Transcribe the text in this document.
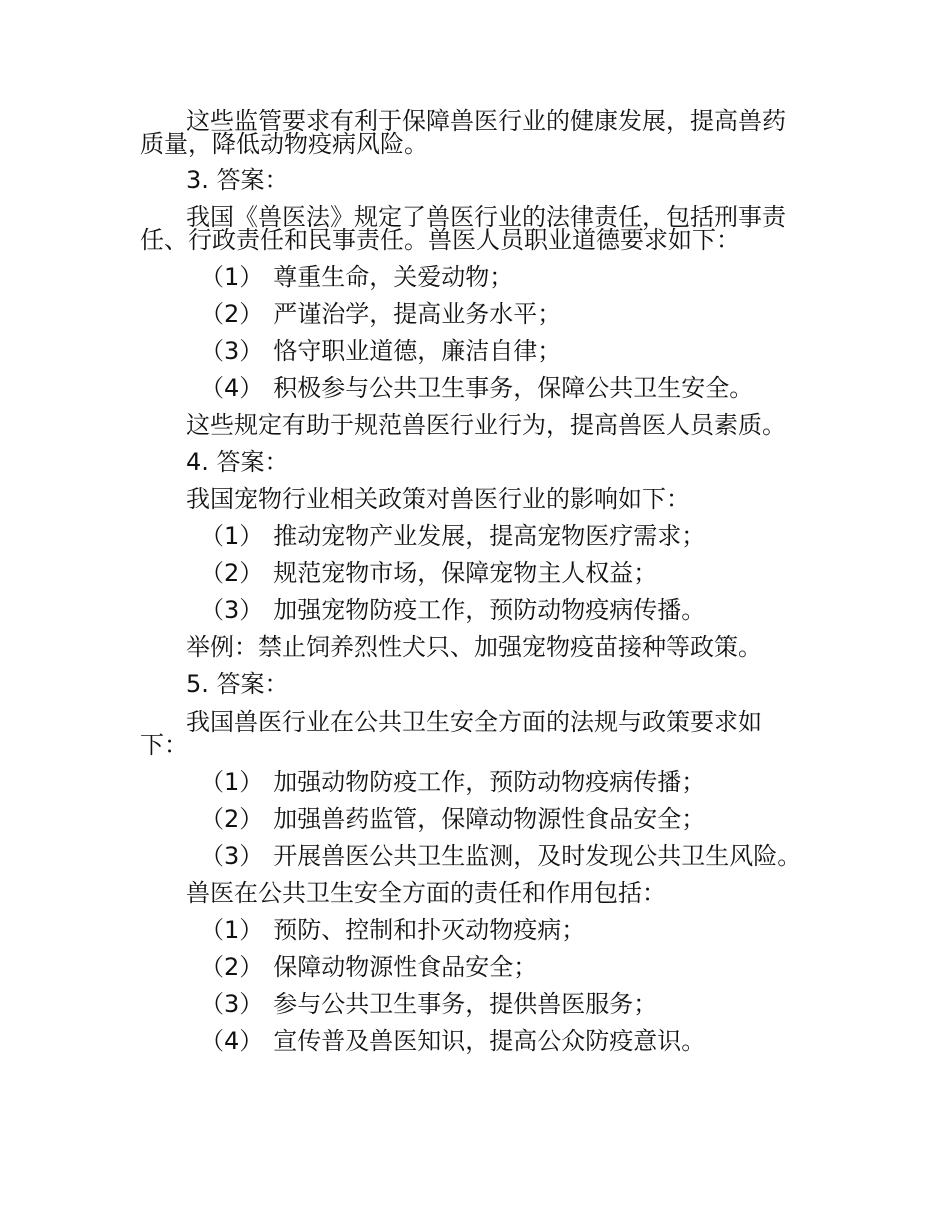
这些监管要求有利于保障兽医行业的健康发展，提高兽药
质量，降低动物疫病风险。
3. 答案：
我国《兽医法》规定了兽医行业的法律责任，包括刑事责
任、行政责任和民事责任。兽医人员职业道德要求如下：
（1） 尊重生命，关爱动物；
（2） 严谨治学，提高业务水平；
（3） 恪守职业道德，廉洁自律；
（4） 积极参与公共卫生事务，保障公共卫生安全。
这些规定有助于规范兽医行业行为，提高兽医人员素质。
4. 答案：
我国宠物行业相关政策对兽医行业的影响如下：
（1） 推动宠物产业发展，提高宠物医疗需求；
（2） 规范宠物市场，保障宠物主人权益；
（3） 加强宠物防疫工作，预防动物疫病传播。
举例：禁止饲养烈性犬只、加强宠物疫苗接种等政策。
5. 答案：
我国兽医行业在公共卫生安全方面的法规与政策要求如
下：
（1） 加强动物防疫工作，预防动物疫病传播；
（2） 加强兽药监管，保障动物源性食品安全；
（3） 开展兽医公共卫生监测，及时发现公共卫生风险。
兽医在公共卫生安全方面的责任和作用包括：
（1） 预防、控制和扑灭动物疫病；
（2） 保障动物源性食品安全；
（3） 参与公共卫生事务，提供兽医服务；
（4） 宣传普及兽医知识，提高公众防疫意识。
